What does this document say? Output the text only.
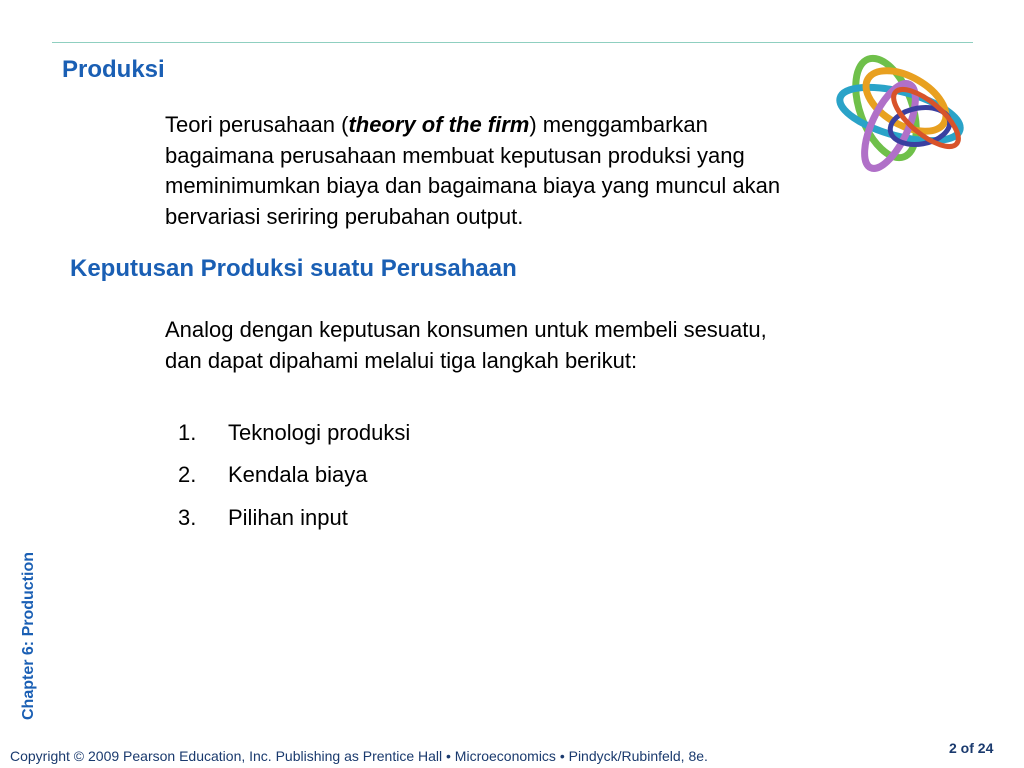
Produksi
Teori perusahaan (theory of the firm) menggambarkan bagaimana perusahaan membuat keputusan produksi yang meminimumkan biaya dan bagaimana biaya yang muncul akan bervariasi seriring perubahan output.
Keputusan Produksi suatu Perusahaan
Analog dengan keputusan konsumen untuk membeli sesuatu, dan dapat dipahami melalui tiga langkah berikut:
1. Teknologi produksi
2. Kendala biaya
3. Pilihan input
Chapter 6: Production
Copyright © 2009 Pearson Education, Inc. Publishing as Prentice Hall • Microeconomics • Pindyck/Rubinfeld, 8e.	2 of 24
